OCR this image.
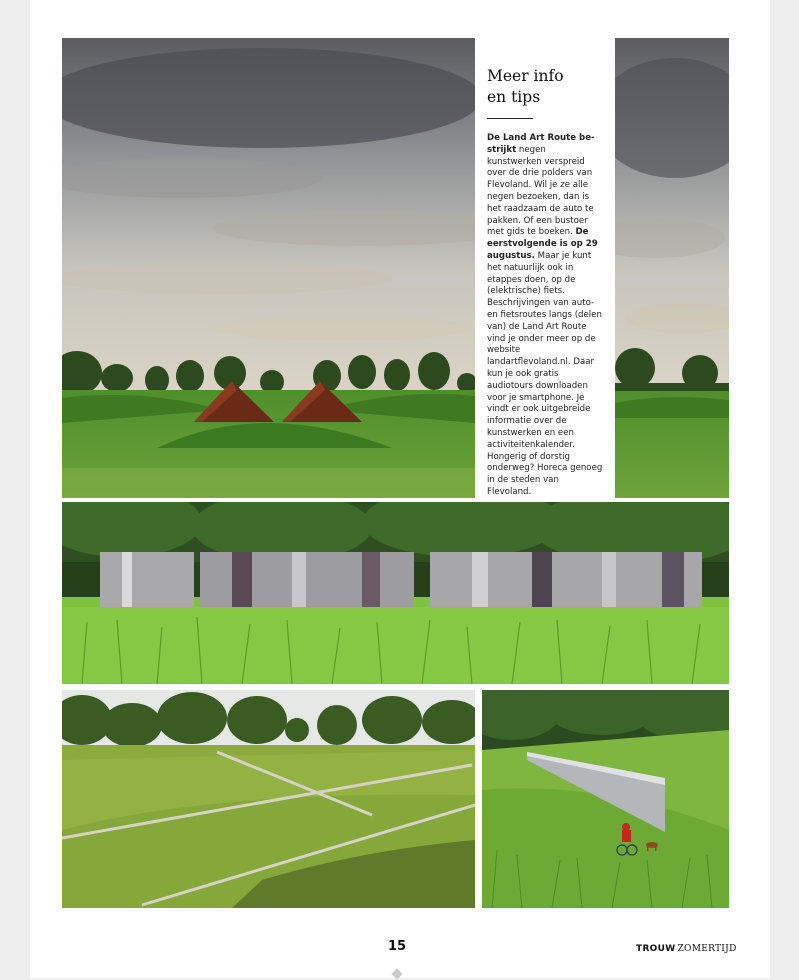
Meer info
en tips

De Land Art Route be-strijkt negen kunstwerken verspreid over de drie polders van Flevoland. Wil je ze alle negen bezoeken, dan is het raadzaam de auto te pakken. Of een bustoer met gids te boeken. De eerstvolgende is op 29 augustus. Maar je kunt het natuurlijk ook in etappes doen, op de (elektrische) fiets. Beschrijvingen van auto- en fietsroutes langs (delen van) de Land Art Route vind je onder meer op de website landartflevoland.nl. Daar kun je ook gratis audiotours downloaden voor je smartphone. Je vindt er ook uitgebreide informatie over de kunstwerken en een activiteitenkalender. Hongerig of dorstig onderweg? Horeca genoeg in de steden van Flevoland.

15	TROUW ZOMERTIJD
